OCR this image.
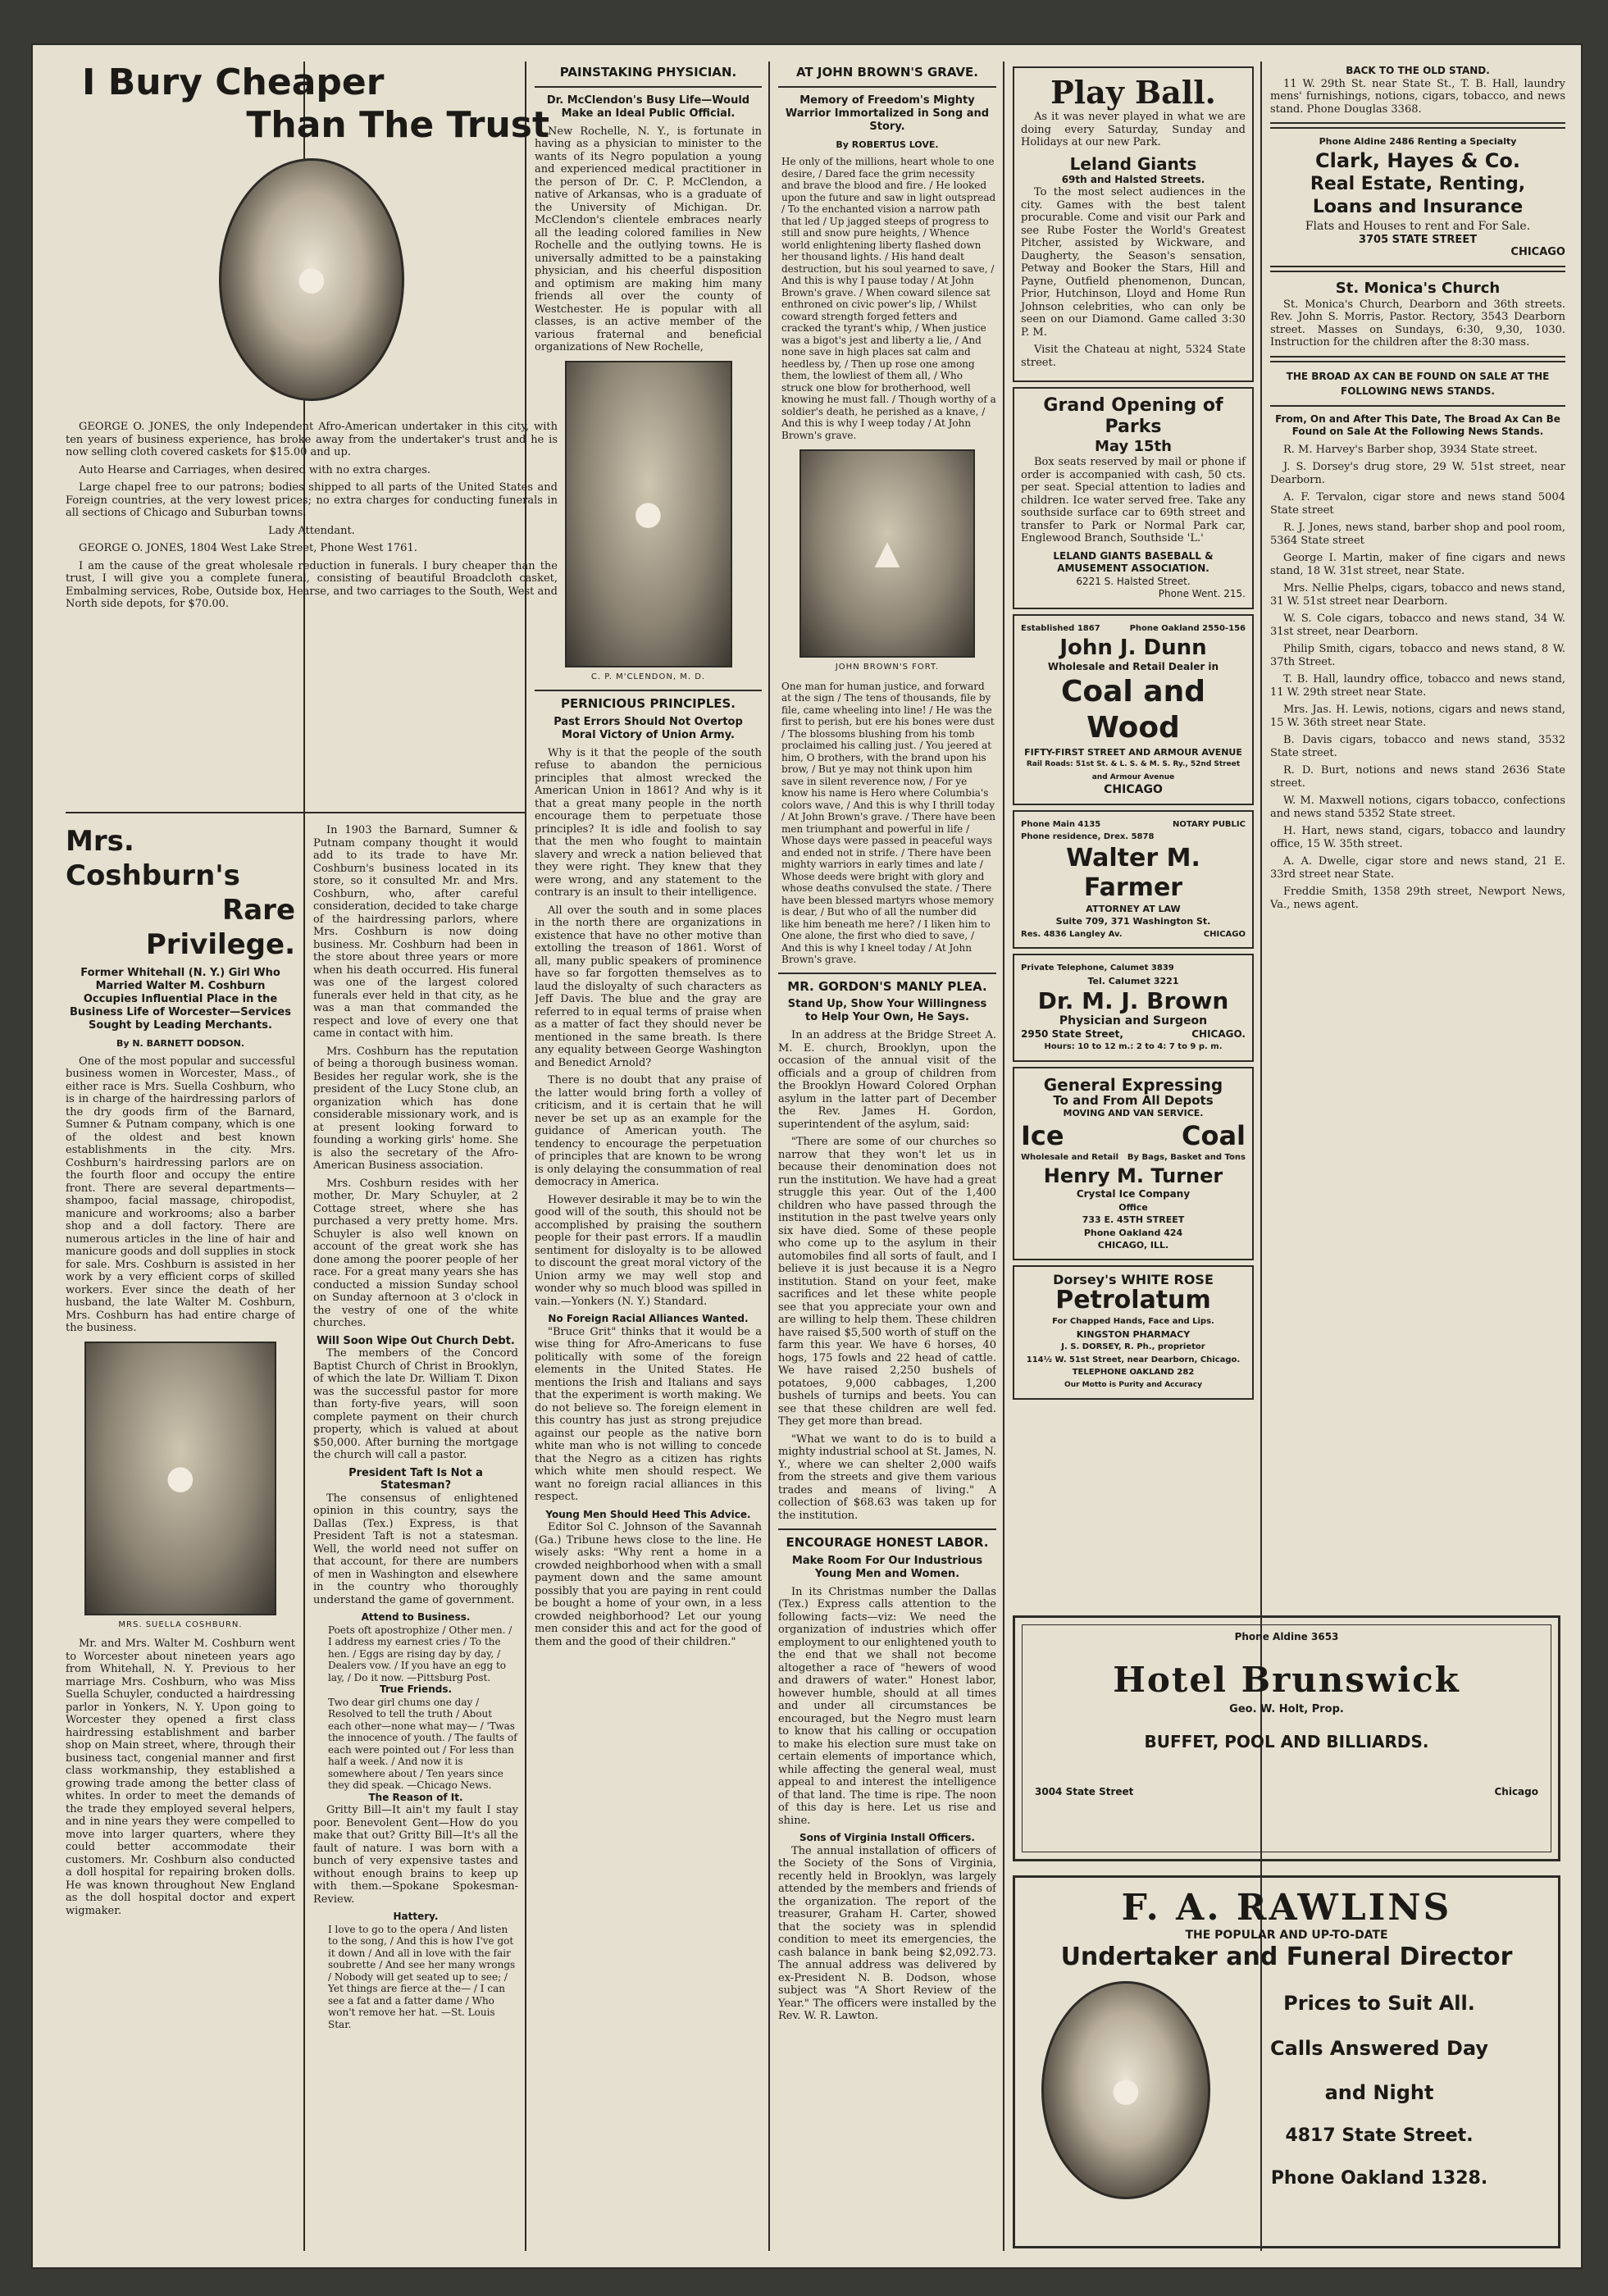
I Bury Cheaper
Than The Trust
●

GEORGE O. JONES, the only Independent Afro-American undertaker in this city, with ten years of business experience, has broke away from the undertaker's trust and he is now selling cloth covered caskets for $15.00 and up.

Auto Hearse and Carriages, when desired with no extra charges.

Large chapel free to our patrons; bodies shipped to all parts of the United States and Foreign countries, at the very lowest prices; no extra charges for conducting funerals in all sections of Chicago and Suburban towns.

Lady Attendant.

GEORGE O. JONES, 1804 West Lake Street, Phone West 1761.

I am the cause of the great wholesale reduction in funerals. I bury cheaper than the trust, I will give you a complete funeral, consisting of beautiful Broadcloth casket, Embalming services, Robe, Outside box, Hearse, and two carriages to the South, West and North side depots, for $70.00.

Mrs. Coshburn's
Rare Privilege.
Former Whitehall (N. Y.) Girl Who Married Walter M. Coshburn Occupies Influential Place in the Business Life of Worcester—Services Sought by Leading Merchants.

By N. BARNETT DODSON.

One of the most popular and successful business women in Worcester, Mass., of either race is Mrs. Suella Coshburn, who is in charge of the hairdressing parlors of the dry goods firm of the Barnard, Sumner & Putnam company, which is one of the oldest and best known establishments in the city. Mrs. Coshburn's hairdressing parlors are on the fourth floor and occupy the entire front. There are several departments—shampoo, facial massage, chiropodist, manicure and workrooms; also a barber shop and a doll factory. There are numerous articles in the line of hair and manicure goods and doll supplies in stock for sale. Mrs. Coshburn is assisted in her work by a very efficient corps of skilled workers. Ever since the death of her husband, the late Walter M. Coshburn, Mrs. Coshburn has had entire charge of the business.

●
MRS. SUELLA COSHBURN.

Mr. and Mrs. Walter M. Coshburn went to Worcester about nineteen years ago from Whitehall, N. Y. Previous to her marriage Mrs. Coshburn, who was Miss Suella Schuyler, conducted a hairdressing parlor in Yonkers, N. Y. Upon going to Worcester they opened a first class hairdressing establishment and barber shop on Main street, where, through their business tact, congenial manner and first class workmanship, they established a growing trade among the better class of whites. In order to meet the demands of the trade they employed several helpers, and in nine years they were compelled to move into larger quarters, where they could better accommodate their customers. Mr. Coshburn also conducted a doll hospital for repairing broken dolls. He was known throughout New England as the doll hospital doctor and expert wigmaker.

In 1903 the Barnard, Sumner & Putnam company thought it would add to its trade to have Mr. Coshburn's business located in its store, so it consulted Mr. and Mrs. Coshburn, who, after careful consideration, decided to take charge of the hairdressing parlors, where Mrs. Coshburn is now doing business. Mr. Coshburn had been in the store about three years or more when his death occurred. His funeral was one of the largest colored funerals ever held in that city, as he was a man that commanded the respect and love of every one that came in contact with him.

Mrs. Coshburn has the reputation of being a thorough business woman. Besides her regular work, she is the president of the Lucy Stone club, an organization which has done considerable missionary work, and is at present looking forward to founding a working girls' home. She is also the secretary of the Afro-American Business association.

Mrs. Coshburn resides with her mother, Dr. Mary Schuyler, at 2 Cottage street, where she has purchased a very pretty home. Mrs. Schuyler is also well known on account of the great work she has done among the poorer people of her race. For a great many years she has conducted a mission Sunday school on Sunday afternoon at 3 o'clock in the vestry of one of the white churches.

Will Soon Wipe Out Church Debt.

The members of the Concord Baptist Church of Christ in Brooklyn, of which the late Dr. William T. Dixon was the successful pastor for more than forty-five years, will soon complete payment on their church property, which is valued at about $50,000. After burning the mortgage the church will call a pastor.

President Taft Is Not a Statesman?

The consensus of enlightened opinion in this country, says the Dallas (Tex.) Express, is that President Taft is not a statesman. Well, the world need not suffer on that account, for there are numbers of men in Washington and elsewhere in the country who thoroughly understand the game of government.

Attend to Business.

Poets oft apostrophize / Other men. / I address my earnest cries / To the hen. / Eggs are rising day by day, / Dealers vow. / If you have an egg to lay, / Do it now. —Pittsburg Post.

True Friends.

Two dear girl chums one day / Resolved to tell the truth / About each other—none what may— / 'Twas the innocence of youth. / The faults of each were pointed out / For less than half a week. / And now it is somewhere about / Ten years since they did speak. —Chicago News.

The Reason of It.

Gritty Bill—It ain't my fault I stay poor. Benevolent Gent—How do you make that out? Gritty Bill—It's all the fault of nature. I was born with a bunch of very expensive tastes and without enough brains to keep up with them.—Spokane Spokesman-Review.

Hattery.

I love to go to the opera / And listen to the song, / And this is how I've got it down / And all in love with the fair soubrette / And see her many wrongs / Nobody will get seated up to see; / Yet things are fierce at the— / I can see a fat and a fatter dame / Who won't remove her hat. —St. Louis Star.

PAINSTAKING PHYSICIAN.
Dr. McClendon's Busy Life—Would Make an Ideal Public Official.

New Rochelle, N. Y., is fortunate in having as a physician to minister to the wants of its Negro population a young and experienced medical practitioner in the person of Dr. C. P. McClendon, a native of Arkansas, who is a graduate of the University of Michigan. Dr. McClendon's clientele embraces nearly all the leading colored families in New Rochelle and the outlying towns. He is universally admitted to be a painstaking physician, and his cheerful disposition and optimism are making him many friends all over the county of Westchester. He is popular with all classes, is an active member of the various fraternal and beneficial organizations of New Rochelle,

●
C. P. M'CLENDON, M. D.
PERNICIOUS PRINCIPLES.
Past Errors Should Not Overtop Moral Victory of Union Army.

Why is it that the people of the south refuse to abandon the pernicious principles that almost wrecked the American Union in 1861? And why is it that a great many people in the north encourage them to perpetuate those principles? It is idle and foolish to say that the men who fought to maintain slavery and wreck a nation believed that they were right. They knew that they were wrong, and any statement to the contrary is an insult to their intelligence.

All over the south and in some places in the north there are organizations in existence that have no other motive than extolling the treason of 1861. Worst of all, many public speakers of prominence have so far forgotten themselves as to laud the disloyalty of such characters as Jeff Davis. The blue and the gray are referred to in equal terms of praise when as a matter of fact they should never be mentioned in the same breath. Is there any equality between George Washington and Benedict Arnold?

There is no doubt that any praise of the latter would bring forth a volley of criticism, and it is certain that he will never be set up as an example for the guidance of American youth. The tendency to encourage the perpetuation of principles that are known to be wrong is only delaying the consummation of real democracy in America.

However desirable it may be to win the good will of the south, this should not be accomplished by praising the southern people for their past errors. If a maudlin sentiment for disloyalty is to be allowed to discount the great moral victory of the Union army we may well stop and wonder why so much blood was spilled in vain.—Yonkers (N. Y.) Standard.

No Foreign Racial Alliances Wanted.

"Bruce Grit" thinks that it would be a wise thing for Afro-Americans to fuse politically with some of the foreign elements in the United States. He mentions the Irish and Italians and says that the experiment is worth making. We do not believe so. The foreign element in this country has just as strong prejudice against our people as the native born white man who is not willing to concede that the Negro as a citizen has rights which white men should respect. We want no foreign racial alliances in this respect.

Young Men Should Heed This Advice.

Editor Sol C. Johnson of the Savannah (Ga.) Tribune hews close to the line. He wisely asks: "Why rent a home in a crowded neighborhood when with a small payment down and the same amount possibly that you are paying in rent could be bought a home of your own, in a less crowded neighborhood? Let our young men consider this and act for the good of them and the good of their children."

AT JOHN BROWN'S GRAVE.
Memory of Freedom's Mighty Warrior Immortalized in Song and Story.

By ROBERTUS LOVE.

He only of the millions, heart whole to one desire, / Dared face the grim necessity and brave the blood and fire. / He looked upon the future and saw in light outspread / To the enchanted vision a narrow path that led / Up jagged steeps of progress to still and snow pure heights, / Whence world enlightening liberty flashed down her thousand lights. / His hand dealt destruction, but his soul yearned to save, / And this is why I pause today / At John Brown's grave. / When coward silence sat enthroned on civic power's lip, / Whilst coward strength forged fetters and cracked the tyrant's whip, / When justice was a bigot's jest and liberty a lie, / And none save in high places sat calm and heedless by, / Then up rose one among them, the lowliest of them all, / Who struck one blow for brotherhood, well knowing he must fall. / Though worthy of a soldier's death, he perished as a knave, / And this is why I weep today / At John Brown's grave.

▲
JOHN BROWN'S FORT.

One man for human justice, and forward at the sign / The tens of thousands, file by file, came wheeling into line! / He was the first to perish, but ere his bones were dust / The blossoms blushing from his tomb proclaimed his calling just. / You jeered at him, O brothers, with the brand upon his brow, / But ye may not think upon him save in silent reverence now, / For ye know his name is Hero where Columbia's colors wave, / And this is why I thrill today / At John Brown's grave. / There have been men triumphant and powerful in life / Whose days were passed in peaceful ways and ended not in strife. / There have been mighty warriors in early times and late / Whose deeds were bright with glory and whose deaths convulsed the state. / There have been blessed martyrs whose memory is dear, / But who of all the number did like him beneath me here? / I liken him to One alone, the first who died to save, / And this is why I kneel today / At John Brown's grave.

MR. GORDON'S MANLY PLEA.
Stand Up, Show Your Willingness to Help Your Own, He Says.

In an address at the Bridge Street A. M. E. church, Brooklyn, upon the occasion of the annual visit of the officials and a group of children from the Brooklyn Howard Colored Orphan asylum in the latter part of December the Rev. James H. Gordon, superintendent of the asylum, said:

"There are some of our churches so narrow that they won't let us in because their denomination does not run the institution. We have had a great struggle this year. Out of the 1,400 children who have passed through the institution in the past twelve years only six have died. Some of these people who come up to the asylum in their automobiles find all sorts of fault, and I believe it is just because it is a Negro institution. Stand on your feet, make sacrifices and let these white people see that you appreciate your own and are willing to help them. These children have raised $5,500 worth of stuff on the farm this year. We have 6 horses, 40 hogs, 175 fowls and 22 head of cattle. We have raised 2,250 bushels of potatoes, 9,000 cabbages, 1,200 bushels of turnips and beets. You can see that these children are well fed. They get more than bread.

"What we want to do is to build a mighty industrial school at St. James, N. Y., where we can shelter 2,000 waifs from the streets and give them various trades and means of living." A collection of $68.63 was taken up for the institution.

ENCOURAGE HONEST LABOR.
Make Room For Our Industrious Young Men and Women.

In its Christmas number the Dallas (Tex.) Express calls attention to the following facts—viz: We need the organization of industries which offer employment to our enlightened youth to the end that we shall not become altogether a race of "hewers of wood and drawers of water." Honest labor, however humble, should at all times and under all circumstances be encouraged, but the Negro must learn to know that his calling or occupation to make his election sure must take on certain elements of importance which, while affecting the general weal, must appeal to and interest the intelligence of that land. The time is ripe. The noon of this day is here. Let us rise and shine.

Sons of Virginia Install Officers.

The annual installation of officers of the Society of the Sons of Virginia, recently held in Brooklyn, was largely attended by the members and friends of the organization. The report of the treasurer, Graham H. Carter, showed that the society was in splendid condition to meet its emergencies, the cash balance in bank being $2,092.73. The annual address was delivered by ex-President N. B. Dodson, whose subject was "A Short Review of the Year." The officers were installed by the Rev. W. R. Lawton.

Play Ball.

As it was never played in what we are doing every Saturday, Sunday and Holidays at our new Park.

Leland Giants
69th and Halsted Streets.

To the most select audiences in the city. Games with the best talent procurable. Come and visit our Park and see Rube Foster the World's Greatest Pitcher, assisted by Wickware, and Daugherty, the Season's sensation, Petway and Booker the Stars, Hill and Payne, Outfield phenomenon, Duncan, Prior, Hutchinson, Lloyd and Home Run Johnson celebrities, who can only be seen on our Diamond. Game called 3:30 P. M.

Visit the Chateau at night, 5324 State street.

Grand Opening of Parks
May 15th

Box seats reserved by mail or phone if order is accompanied with cash, 50 cts. per seat. Special attention to ladies and children. Ice water served free. Take any southside surface car to 69th street and transfer to Park or Normal Park car, Englewood Branch, Southside 'L.'

LELAND GIANTS BASEBALL & AMUSEMENT ASSOCIATION.
6221 S. Halsted Street.
Phone Went. 215.
Established 1867	Phone Oakland 2550-156
John J. Dunn
Wholesale and Retail Dealer in
Coal and Wood
FIFTY-FIRST STREET AND ARMOUR AVENUE
Rail Roads: 51st St. & L. S. & M. S. Ry., 52nd Street and Armour Avenue
CHICAGO
Phone Main 4135	NOTARY PUBLIC
Phone residence, Drex. 5878
Walter M. Farmer
ATTORNEY AT LAW
Suite 709, 371 Washington St.
Res. 4836 Langley Av.	CHICAGO
Private Telephone, Calumet 3839
Tel. Calumet 3221
Dr. M. J. Brown
Physician and Surgeon
2950 State Street,	CHICAGO.
Hours: 10 to 12 m.: 2 to 4: 7 to 9 p. m.
General Expressing
To and From All Depots
MOVING AND VAN SERVICE.
Ice	Coal
Wholesale and Retail By Bags, Basket and Tons
Henry M. Turner
Crystal Ice Company
Office
733 E. 45TH STREET
Phone Oakland 424
CHICAGO, ILL.
Dorsey's WHITE ROSE
Petrolatum
For Chapped Hands, Face and Lips.
KINGSTON PHARMACY
J. S. DORSEY, R. Ph., proprietor
114½ W. 51st Street, near Dearborn, Chicago.
TELEPHONE OAKLAND 282
Our Motto is Purity and Accuracy
BACK TO THE OLD STAND.

11 W. 29th St. near State St., T. B. Hall, laundry mens' furnishings, notions, cigars, tobacco, and news stand. Phone Douglas 3368.

Phone Aldine 2486 Renting a Specialty
Clark, Hayes & Co.
Real Estate, Renting,
Loans and Insurance
Flats and Houses to rent and For Sale.
3705 STATE STREET
CHICAGO
St. Monica's Church

St. Monica's Church, Dearborn and 36th streets. Rev. John S. Morris, Pastor. Rectory, 3543 Dearborn street. Masses on Sundays, 6:30, 9,30, 1030. Instruction for the children after the 8:30 mass.

THE BROAD AX CAN BE FOUND ON SALE AT THE FOLLOWING NEWS STANDS.

From, On and After This Date, The Broad Ax Can Be Found on Sale At the Following News Stands.

R. M. Harvey's Barber shop, 3934 State street.

J. S. Dorsey's drug store, 29 W. 51st street, near Dearborn.

A. F. Tervalon, cigar store and news stand 5004 State street

R. J. Jones, news stand, barber shop and pool room, 5364 State street

George I. Martin, maker of fine cigars and news stand, 18 W. 31st street, near State.

Mrs. Nellie Phelps, cigars, tobacco and news stand, 31 W. 51st street near Dearborn.

W. S. Cole cigars, tobacco and news stand, 34 W. 31st street, near Dearborn.

Philip Smith, cigars, tobacco and news stand, 8 W. 37th Street.

T. B. Hall, laundry office, tobacco and news stand, 11 W. 29th street near State.

Mrs. Jas. H. Lewis, notions, cigars and news stand, 15 W. 36th street near State.

B. Davis cigars, tobacco and news stand, 3532 State street.

R. D. Burt, notions and news stand 2636 State street.

W. M. Maxwell notions, cigars tobacco, confections and news stand 5352 State street.

H. Hart, news stand, cigars, tobacco and laundry office, 15 W. 35th street.

A. A. Dwelle, cigar store and news stand, 21 E. 33rd street near State.

Freddie Smith, 1358 29th street, Newport News, Va., news agent.

Phone Aldine 3653
Hotel Brunswick
Geo. W. Holt, Prop.
BUFFET, POOL AND BILLIARDS.
3004 State Street	Chicago
F. A. RAWLINS
THE POPULAR AND UP-TO-DATE
Undertaker and Funeral Director
●
Prices to Suit All.
Calls Answered Day
and Night
4817 State Street.
Phone Oakland 1328.
